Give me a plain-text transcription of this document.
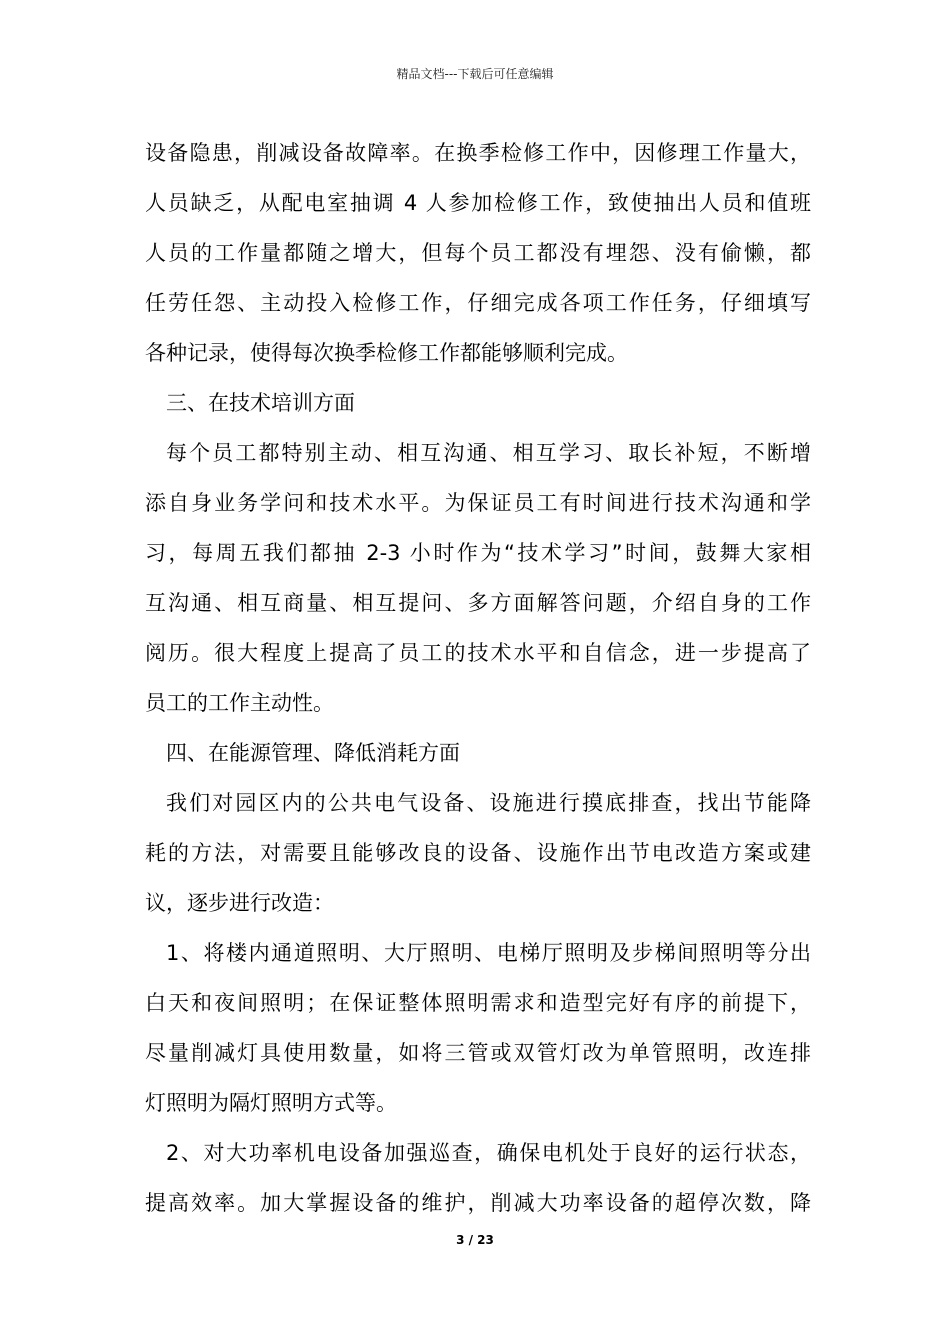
精品文档---下载后可任意编辑
设备隐患，削减设备故障率。在换季检修工作中，因修理工作量大，
人员缺乏，从配电室抽调 4 人参加检修工作，致使抽出人员和值班
人员的工作量都随之增大，但每个员工都没有埋怨、没有偷懒，都
任劳任怨、主动投入检修工作，仔细完成各项工作任务，仔细填写
各种记录，使得每次换季检修工作都能够顺利完成。
三、在技术培训方面
每个员工都特别主动、相互沟通、相互学习、取长补短，不断增
添自身业务学问和技术水平。为保证员工有时间进行技术沟通和学
习，每周五我们都抽 2-3 小时作为“技术学习”时间，鼓舞大家相
互沟通、相互商量、相互提问、多方面解答问题，介绍自身的工作
阅历。很大程度上提高了员工的技术水平和自信念，进一步提高了
员工的工作主动性。
四、在能源管理、降低消耗方面
我们对园区内的公共电气设备、设施进行摸底排查，找出节能降
耗的方法，对需要且能够改良的设备、设施作出节电改造方案或建
议，逐步进行改造：
1、将楼内通道照明、大厅照明、电梯厅照明及步梯间照明等分出
白天和夜间照明；在保证整体照明需求和造型完好有序的前提下，
尽量削减灯具使用数量，如将三管或双管灯改为单管照明，改连排
灯照明为隔灯照明方式等。
2、对大功率机电设备加强巡查，确保电机处于良好的运行状态，
提高效率。加大掌握设备的维护，削减大功率设备的超停次数，降
3 / 23
